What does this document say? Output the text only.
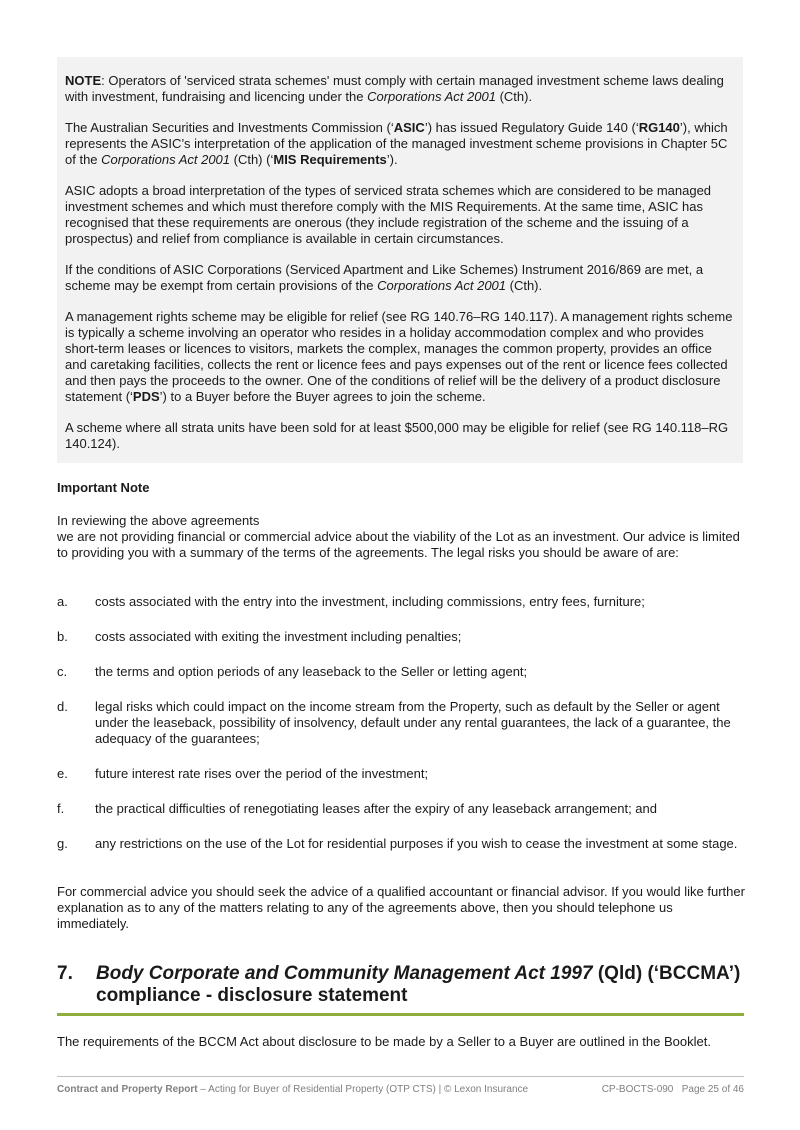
NOTE: Operators of 'serviced strata schemes' must comply with certain managed investment scheme laws dealing with investment, fundraising and licencing under the Corporations Act 2001 (Cth).

The Australian Securities and Investments Commission (‘ASIC’) has issued Regulatory Guide 140 (‘RG140’), which represents the ASIC’s interpretation of the application of the managed investment scheme provisions in Chapter 5C of the Corporations Act 2001 (Cth) (‘MIS Requirements’).

ASIC adopts a broad interpretation of the types of serviced strata schemes which are considered to be managed investment schemes and which must therefore comply with the MIS Requirements. At the same time, ASIC has recognised that these requirements are onerous (they include registration of the scheme and the issuing of a prospectus) and relief from compliance is available in certain circumstances.

If the conditions of ASIC Corporations (Serviced Apartment and Like Schemes) Instrument 2016/869 are met, a scheme may be exempt from certain provisions of the Corporations Act 2001 (Cth).

A management rights scheme may be eligible for relief (see RG 140.76–RG 140.117). A management rights scheme is typically a scheme involving an operator who resides in a holiday accommodation complex and who provides short-term leases or licences to visitors, markets the complex, manages the common property, provides an office and caretaking facilities, collects the rent or licence fees and pays expenses out of the rent or licence fees collected and then pays the proceeds to the owner. One of the conditions of relief will be the delivery of a product disclosure statement (‘PDS’) to a Buyer before the Buyer agrees to join the scheme.

A scheme where all strata units have been sold for at least $500,000 may be eligible for relief (see RG 140.118–RG 140.124).

Important Note
In reviewing the above agreements
we are not providing financial or commercial advice about the viability of the Lot as an investment. Our advice is limited to providing you with a summary of the terms of the agreements. The legal risks you should be aware of are:
a.	costs associated with the entry into the investment, including commissions, entry fees, furniture;
b.	costs associated with exiting the investment including penalties;
c.	the terms and option periods of any leaseback to the Seller or letting agent;
d.	legal risks which could impact on the income stream from the Property, such as default by the Seller or agent under the leaseback, possibility of insolvency, default under any rental guarantees, the lack of a guarantee, the adequacy of the guarantees;
e.	future interest rate rises over the period of the investment;
f.	the practical difficulties of renegotiating leases after the expiry of any leaseback arrangement; and
g.	any restrictions on the use of the Lot for residential purposes if you wish to cease the investment at some stage.
For commercial advice you should seek the advice of a qualified accountant or financial advisor. If you would like further explanation as to any of the matters relating to any of the agreements above, then you should telephone us immediately.
7.	Body Corporate and Community Management Act 1997 (Qld) (‘BCCMA’) compliance - disclosure statement
The requirements of the BCCM Act about disclosure to be made by a Seller to a Buyer are outlined in the Booklet.
Contract and Property Report – Acting for Buyer of Residential Property (OTP CTS) | © Lexon Insurance	CP-BOCTS-090 Page 25 of 46
